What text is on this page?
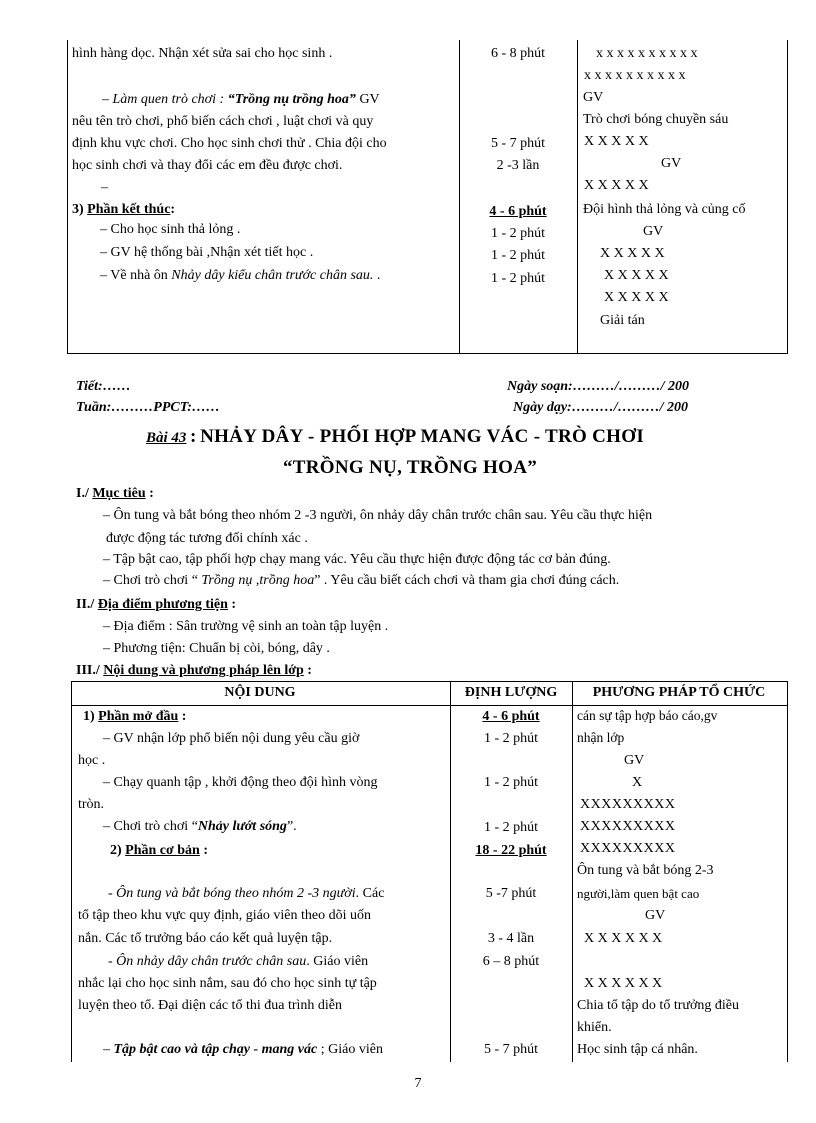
hình hàng dọc. Nhận xét sửa sai cho học sinh .
– Làm quen trò chơi : “Trồng nụ trồng hoa” GV
nêu tên trò chơi, phổ biến cách chơi , luật chơi và quy
định khu vực chơi. Cho học sinh chơi thử . Chia đội cho
học sinh chơi và thay đổi các em đều được chơi.
–
3) Phần kết thúc:
– Cho học sinh thả lỏng .
– GV hệ thống bài ,Nhận xét tiết học .
– Về nhà ôn Nhảy dây kiểu chân trước chân sau. .
6 - 8 phút
5 - 7 phút
2 -3 lần
4 - 6 phút
1 - 2 phút
1 - 2 phút
1 - 2 phút
x x x x x x x x x x
x x x x x x x x x x
GV
Trò chơi bóng chuyền sáu
X X X X X
GV
X X X X X
Đội hình thả lỏng và củng cố
GV
X X X X X
X X X X X
X X X X X
Giải tán
Tiết:……
Tuần:………PPCT:……
Ngày soạn:………/………/ 200
Ngày dạy:………/………/ 200
Bài 43 : NHẢY DÂY - PHỐI HỢP MANG VÁC - TRÒ CHƠI
“TRỒNG NỤ, TRỒNG HOA”
I./ Mục tiêu :
– Ôn tung và bắt bóng theo nhóm 2 -3 người, ôn nhảy dây chân trước chân sau. Yêu cầu thực hiện
được động tác tương đối chính xác .
– Tập bật cao, tập phối hợp chạy mang vác. Yêu cầu thực hiện được động tác cơ bản đúng.
– Chơi trò chơi “ Trồng nụ ,trồng hoa” . Yêu cầu biết cách chơi và tham gia chơi đúng cách.
II./ Địa điểm phương tiện :
– Địa điểm : Sân trường vệ sinh an toàn tập luyện .
– Phương tiện: Chuẩn bị còi, bóng, dây .
III./ Nội dung và phương pháp lên lớp :
NỘI DUNG	ĐỊNH LƯỢNG	PHƯƠNG PHÁP TỔ CHỨC
1) Phần mở đầu :
– GV nhận lớp phổ biến nội dung yêu cầu giờ
học .
– Chạy quanh tập , khởi động theo đội hình vòng
tròn.
– Chơi trò chơi “Nhảy lướt sóng”.
2) Phần cơ bản :
- Ôn tung và bắt bóng theo nhóm 2 -3 người. Các
tổ tập theo khu vực quy định, giáo viên theo dõi uốn
nắn. Các tổ trưởng báo cáo kết quả luyện tập.
- Ôn nhảy dây chân trước chân sau. Giáo viên
nhắc lại cho học sinh nắm, sau đó cho học sinh tự tập
luyện theo tổ. Đại diện các tổ thi đua trình diễn
– Tập bật cao và tập chạy - mang vác ; Giáo viên
4 - 6 phút
1 - 2 phút
1 - 2 phút
1 - 2 phút
18 - 22 phút
5 -7 phút
3 - 4 lần
6 – 8 phút
5 - 7 phút
cán sự tập hợp báo cáo,gv
nhận lớp
GV
X
XXXXXXXXX
XXXXXXXXX
XXXXXXXXX
Ôn tung và bắt bóng 2-3
người,làm quen bật cao
GV
X X X X X X
X X X X X X
Chia tổ tập do tổ trưởng điều
khiển.
Học sinh tập cá nhân.
7
